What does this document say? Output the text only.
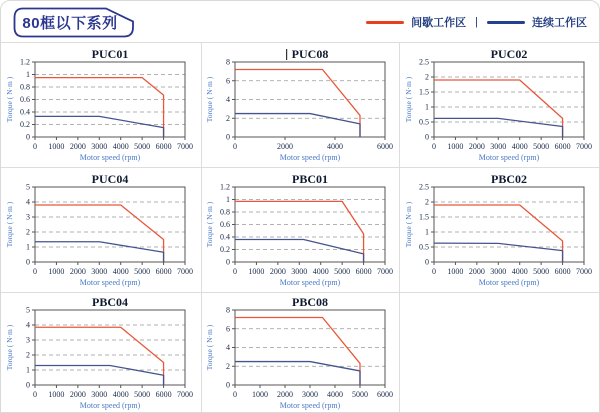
80框以下系列	间歇工作区 |	连续工作区
0
0.2
0.4
0.6
0.8
1
1.2
0 1000 2000 3000 4000 5000 6000 7000
Motor speed (rpm)
Torque ( N·m )
PUC01
0
2
4
6
8
0	2000	4000	6000
Motor speed (rpm)
Torque ( N·m )
PUC08
0
0.5
1
1.5
2
2.5
0 1000 2000 3000 4000 5000 6000 7000
Motor speed (rpm)
Torque ( N·m )
PUC02
0
1
2
3
4
5
0 1000 2000 3000 4000 5000 6000 7000
Motor speed (rpm)
Torque ( N·m )
PUC04
0
0.2
0.4
0.6
0.8
1
1.2
0 1000 2000 3000 4000 5000 6000 7000
Motor speed (rpm)
Torque ( N·m )
PBC01
0
0.5
1
1.5
2
2.5
0 1000 2000 3000 4000 5000 6000 7000
Motor speed (rpm)
Torque ( N·m )
PBC02
0
1
2
3
4
5
0 1000 2000 3000 4000 5000 6000 7000
Motor speed (rpm)
Torque ( N·m )
PBC04
0
2
4
6
8
0 1000 2000 3000 4000 5000 6000
Motor speed (rpm)
Torque ( N·m )
PBC08
